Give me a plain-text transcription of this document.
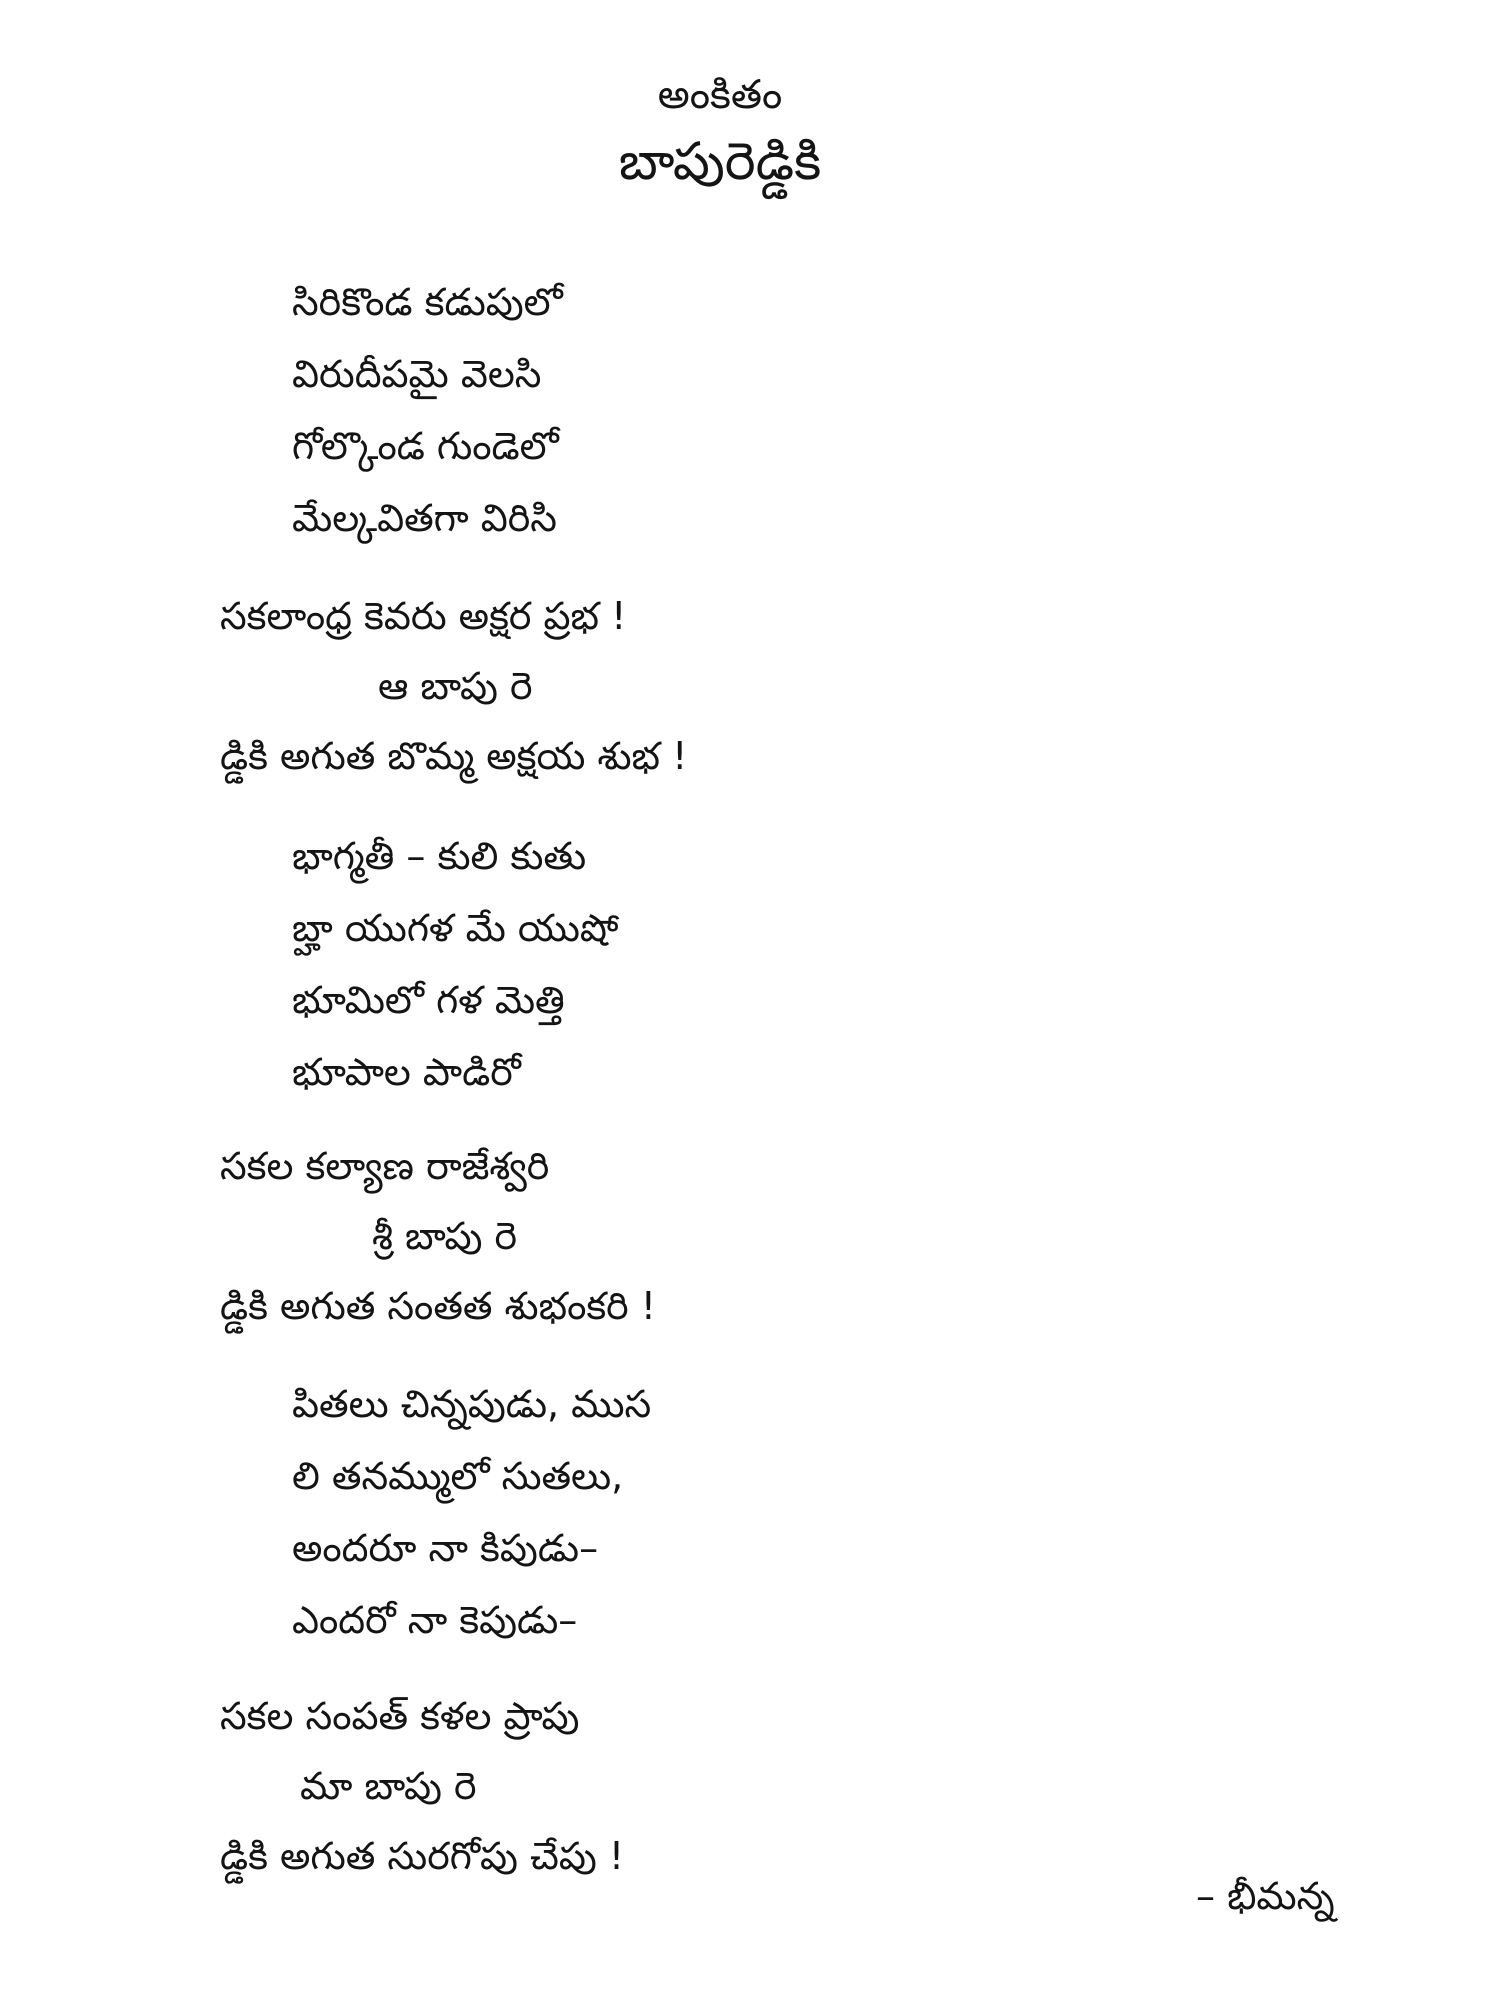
అంకితం
బాపురెడ్డికి
సిరికొండ కడుపులో
విరుదీపమై వెలసి
గోల్కొండ గుండెలో
మేల్కవితగా విరిసి
సకలాంధ్ర కెవరు అక్షర ప్రభ !
ఆ బాపు రె
డ్డికి అగుత బొమ్మ అక్షయ శుభ !
భాగ్మతీ – కులి కుతు
బ్హా యుగళ మే యుషో
భూమిలో గళ మెత్తి
భూపాల పాడిరో
సకల కల్యాణ రాజేశ్వరి
శ్రీ బాపు రె
డ్డికి అగుత సంతత శుభంకరి !
పితలు చిన్నపుడు, ముస
లి తనమ్ములో సుతలు,
అందరూ నా కిపుడు–
ఎందరో నా కెపుడు–
సకల సంపత్ కళల ప్రాపు
మా బాపు రె
డ్డికి అగుత సురగోపు చేపు !
– భీమన్న
